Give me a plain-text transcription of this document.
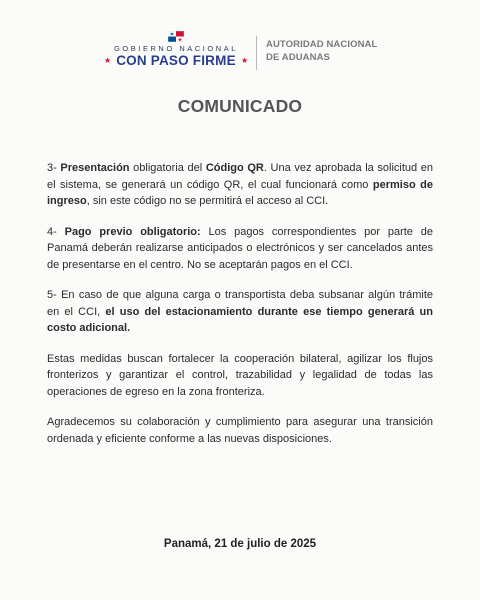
GOBIERNO NACIONAL
★ CON PASO FIRME ★
AUTORIDAD NACIONAL
DE ADUANAS
COMUNICADO

3- Presentación obligatoria del Código QR. Una vez aprobada la solicitud en el sistema, se generará un código QR, el cual funcionará como permiso de ingreso, sin este código no se permitirá el acceso al CCI.

4- Pago previo obligatorio: Los pagos correspondientes por parte de Panamá deberán realizarse anticipados o electrónicos y ser cancelados antes de presentarse en el centro. No se aceptarán pagos en el CCI.

5- En caso de que alguna carga o transportista deba subsanar algún trámite en el CCI, el uso del estacionamiento durante ese tiempo generará un costo adicional.

Estas medidas buscan fortalecer la cooperación bilateral, agilizar los flujos fronterizos y garantizar el control, trazabilidad y legalidad de todas las operaciones de egreso en la zona fronteriza.

Agradecemos su colaboración y cumplimiento para asegurar una transición ordenada y eficiente conforme a las nuevas disposiciones.

Panamá, 21 de julio de 2025
